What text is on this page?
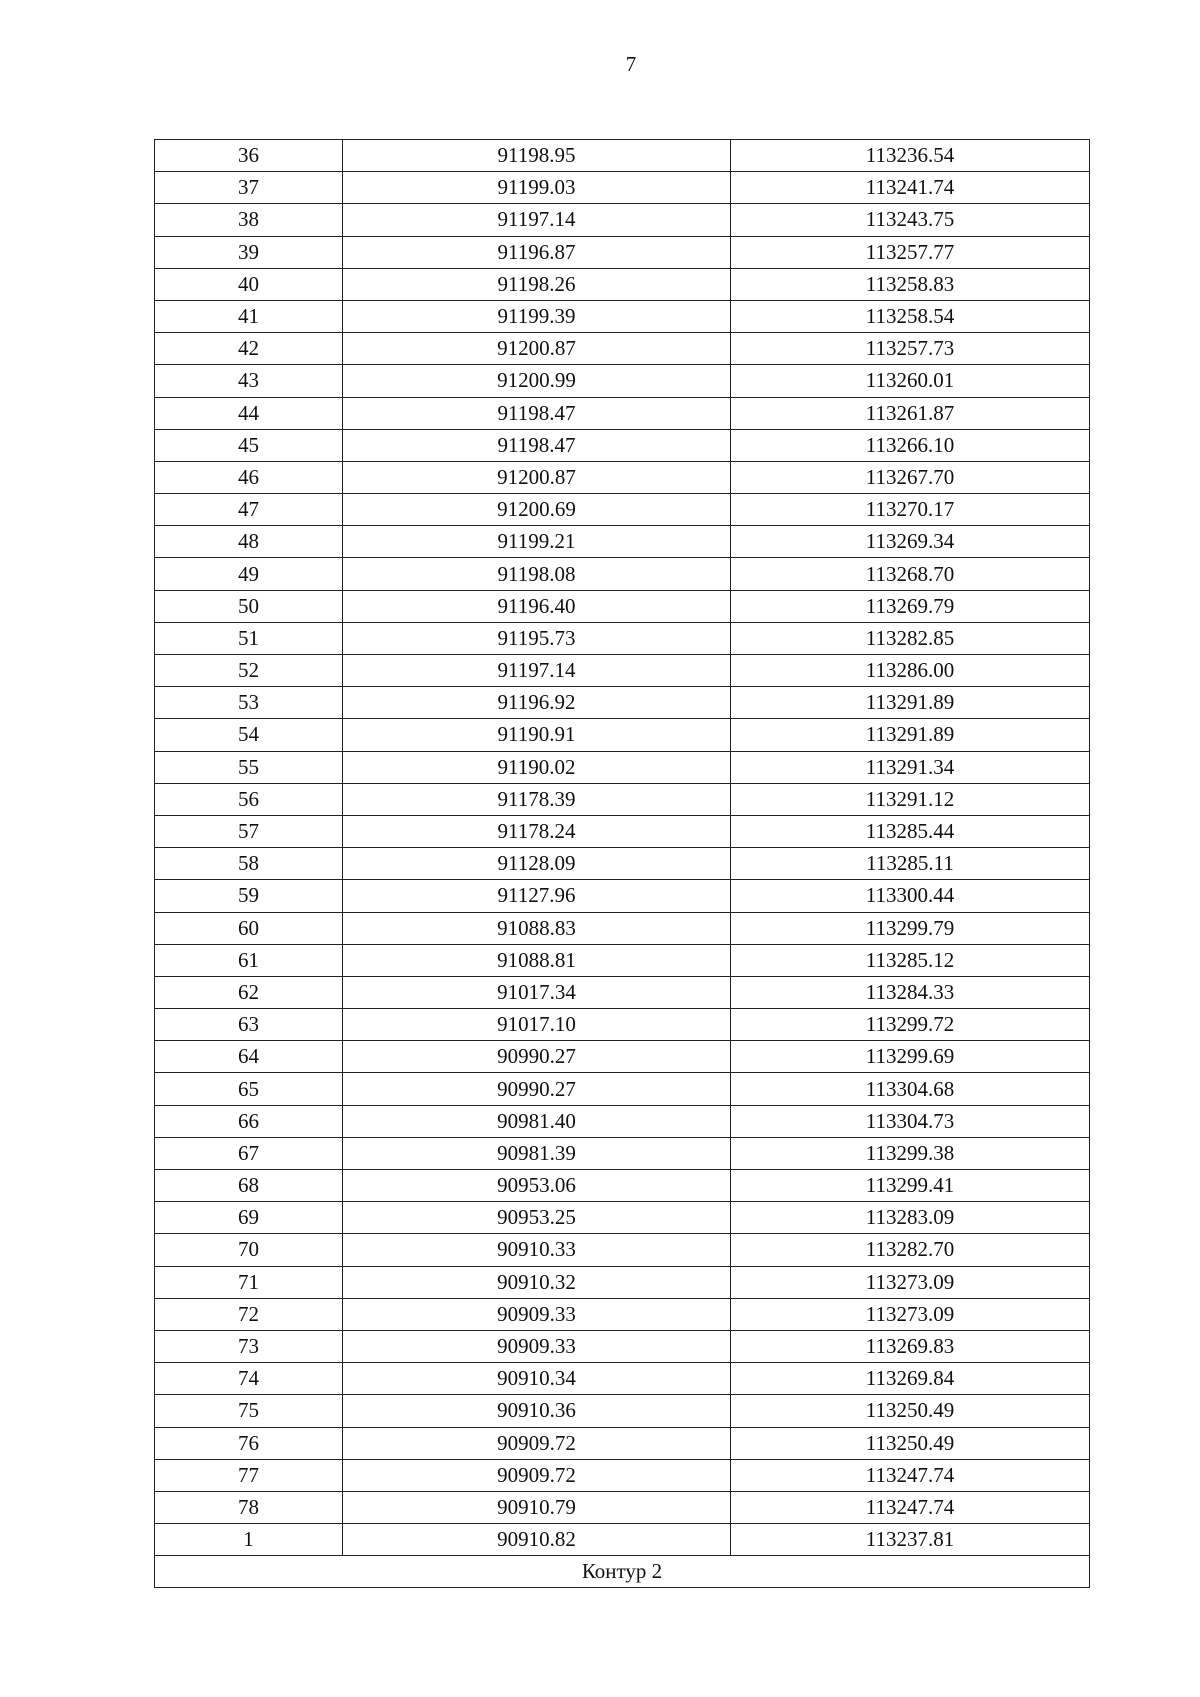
7
36	91198.95	113236.54
37	91199.03	113241.74
38	91197.14	113243.75
39	91196.87	113257.77
40	91198.26	113258.83
41	91199.39	113258.54
42	91200.87	113257.73
43	91200.99	113260.01
44	91198.47	113261.87
45	91198.47	113266.10
46	91200.87	113267.70
47	91200.69	113270.17
48	91199.21	113269.34
49	91198.08	113268.70
50	91196.40	113269.79
51	91195.73	113282.85
52	91197.14	113286.00
53	91196.92	113291.89
54	91190.91	113291.89
55	91190.02	113291.34
56	91178.39	113291.12
57	91178.24	113285.44
58	91128.09	113285.11
59	91127.96	113300.44
60	91088.83	113299.79
61	91088.81	113285.12
62	91017.34	113284.33
63	91017.10	113299.72
64	90990.27	113299.69
65	90990.27	113304.68
66	90981.40	113304.73
67	90981.39	113299.38
68	90953.06	113299.41
69	90953.25	113283.09
70	90910.33	113282.70
71	90910.32	113273.09
72	90909.33	113273.09
73	90909.33	113269.83
74	90910.34	113269.84
75	90910.36	113250.49
76	90909.72	113250.49
77	90909.72	113247.74
78	90910.79	113247.74
1	90910.82	113237.81
Контур 2		
